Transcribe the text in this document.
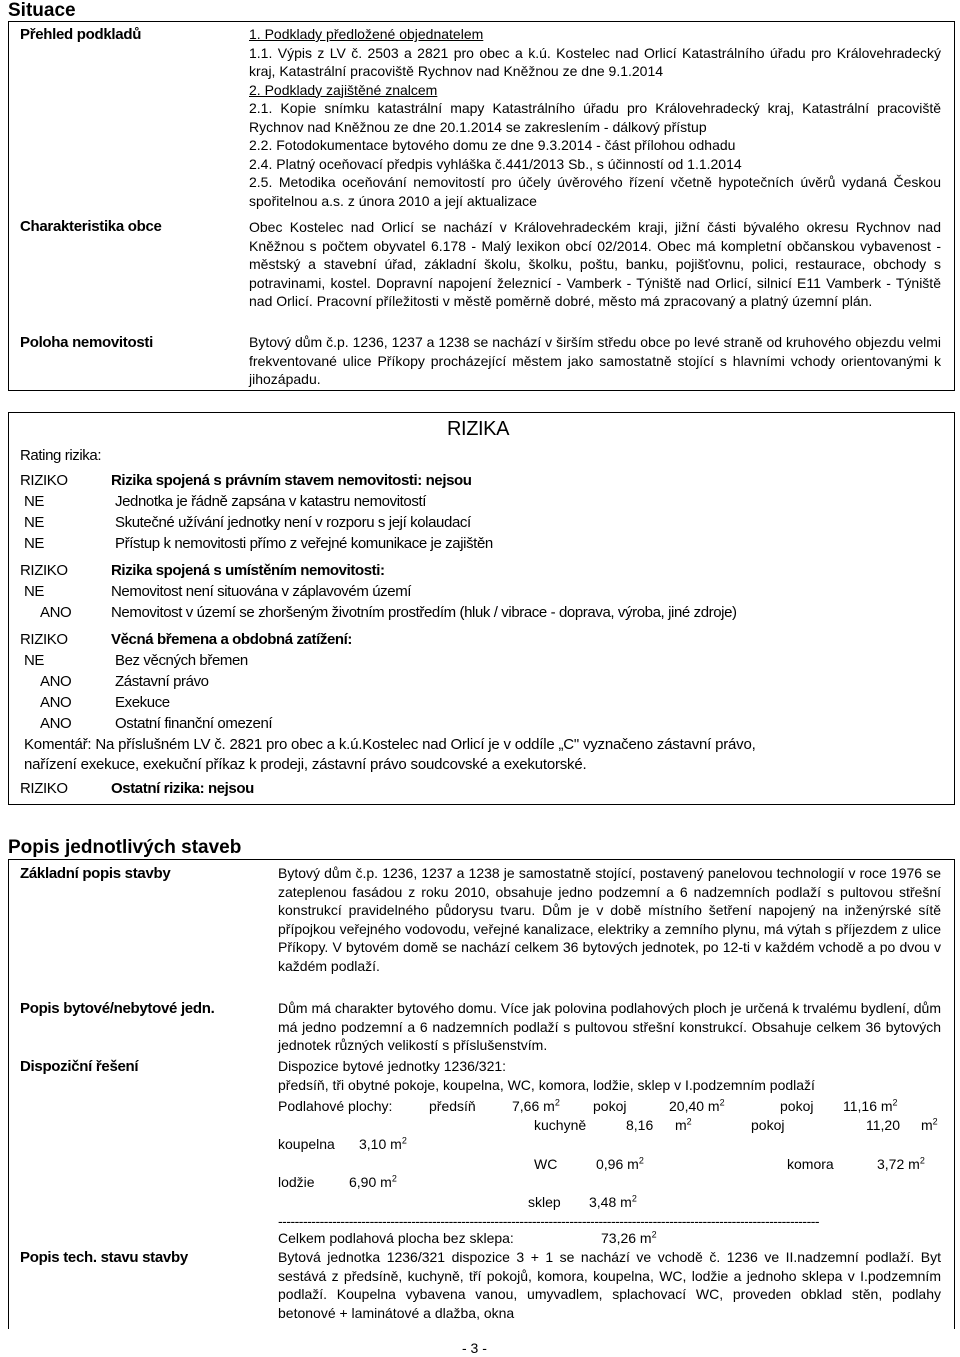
Situace
Přehled podkladů	1. Podklady předložené objednatelem
1.1. Výpis z LV č. 2503 a 2821 pro obec a k.ú. Kostelec nad Orlicí Katastrálního úřadu pro Královehradecký kraj, Katastrální pracoviště Rychnov nad Kněžnou ze dne 9.1.2014
2. Podklady zajištěné znalcem
2.1. Kopie snímku katastrální mapy Katastrálního úřadu pro Královehradecký kraj, Katastrální pracoviště Rychnov nad Kněžnou ze dne 20.1.2014 se zakreslením - dálkový přístup
2.2. Fotodokumentace bytového domu ze dne 9.3.2014 - část přílohou odhadu
2.4. Platný oceňovací předpis vyhláška č.441/2013 Sb., s účinností od 1.1.2014
2.5. Metodika oceňování nemovitostí pro účely úvěrového řízení včetně hypotečních úvěrů vydaná Českou spořitelnou a.s. z února 2010 a její aktualizace
Charakteristika obce	Obec Kostelec nad Orlicí se nachází v Královehradeckém kraji, jižní části bývalého okresu Rychnov nad Kněžnou s počtem obyvatel 6.178 - Malý lexikon obcí 02/2014. Obec má kompletní občanskou vybavenost - městský a stavební úřad, základní školu, školku, poštu, banku, pojišťovnu, polici, restaurace, obchody s potravinami, kostel. Dopravní napojení železnicí - Vamberk - Týniště nad Orlicí, silnicí E11 Vamberk - Týniště nad Orlicí. Pracovní příležitosti v městě poměrně dobré, město má zpracovaný a platný územní plán.
Poloha nemovitosti	Bytový dům č.p. 1236, 1237 a 1238 se nachází v širším středu obce po levé straně od kruhového objezdu velmi frekventované ulice Příkopy procházející městem jako samostatně stojící s hlavními vchody orientovanými k jihozápadu.
RIZIKA
Rating rizika:
RIZIKO	Rizika spojená s právním stavem nemovitosti: nejsou
NE	Jednotka je řádně zapsána v katastru nemovitostí
NE	Skutečné užívání jednotky není v rozporu s její kolaudací
NE	Přístup k nemovitosti přímo z veřejné komunikace je zajištěn
RIZIKO	Rizika spojená s umístěním nemovitosti:
NE	Nemovitost není situována v záplavovém území
ANO	Nemovitost v území se zhoršeným životním prostředím (hluk / vibrace - doprava, výroba, jiné zdroje)
RIZIKO	Věcná břemena a obdobná zatížení:
NE	Bez věcných břemen
ANO	Zástavní právo
ANO	Exekuce
ANO	Ostatní finanční omezení
Komentář: Na příslušném LV č. 2821 pro obec a k.ú.Kostelec nad Orlicí je v oddíle „C" vyznačeno zástavní právo,
nařízení exekuce, exekuční příkaz k prodeji, zástavní právo soudcovské a exekutorské.
RIZIKO	Ostatní rizika: nejsou
Popis jednotlivých staveb
Základní popis stavby	Bytový dům č.p. 1236, 1237 a 1238 je samostatně stojící, postavený panelovou technologií v roce 1976 se zateplenou fasádou z roku 2010, obsahuje jedno podzemní a 6 nadzemních podlaží s pultovou střešní konstrukcí pravidelného půdorysu tvaru. Dům je v době místního šetření napojený na inženýrské sítě přípojkou veřejného vodovodu, veřejné kanalizace, elektriky a zemního plynu, má výtah s příjezdem z ulice Příkopy. V bytovém domě se nachází celkem 36 bytových jednotek, po 12-ti v každém vchodě a po dvou v každém podlaží.
Popis bytové/nebytové jedn.	Dům má charakter bytového domu. Více jak polovina podlahových ploch je určená k trvalému bydlení, dům má jedno podzemní a 6 nadzemních podlaží s pultovou střešní konstrukcí. Obsahuje celkem 36 bytových jednotek různých velikostí s příslušenstvím.
Dispoziční řešení	Dispozice bytové jednotky 1236/321:
předsíň, tři obytné pokoje, koupelna, WC, komora, lodžie, sklep v I.podzemním podlaží
Podlahové plochy:	předsíň	7,66 $m^2$ pokoj	20,40 $m^2$	pokoj 11,16 $m^2$
kuchyně	8,16 $m^2$	pokoj	11,20 $m^2$
koupelna 3,10 $m^2$
WC	0,96 $m^2$	komora	3,72 $m^2$
lodžie 6,90 $m^2$
sklep 3,48 $m^2$
----------------------------------------------------------------------------------------------------------------------------------
Celkem podlahová plocha bez sklepa:	73,26 $m^2$
Popis tech. stavu stavby	Bytová jednotka 1236/321 dispozice 3 + 1 se nachází ve vchodě č. 1236 ve II.nadzemní podlaží. Byt sestává z předsíně, kuchyně, tří pokojů, komora, koupelna, WC, lodžie a jednoho sklepa v I.podzemním podlaží. Koupelna vybavena vanou, umyvadlem, splachovací WC, proveden obklad stěn, podlahy betonové + laminátové a dlažba, okna
- 3 -
